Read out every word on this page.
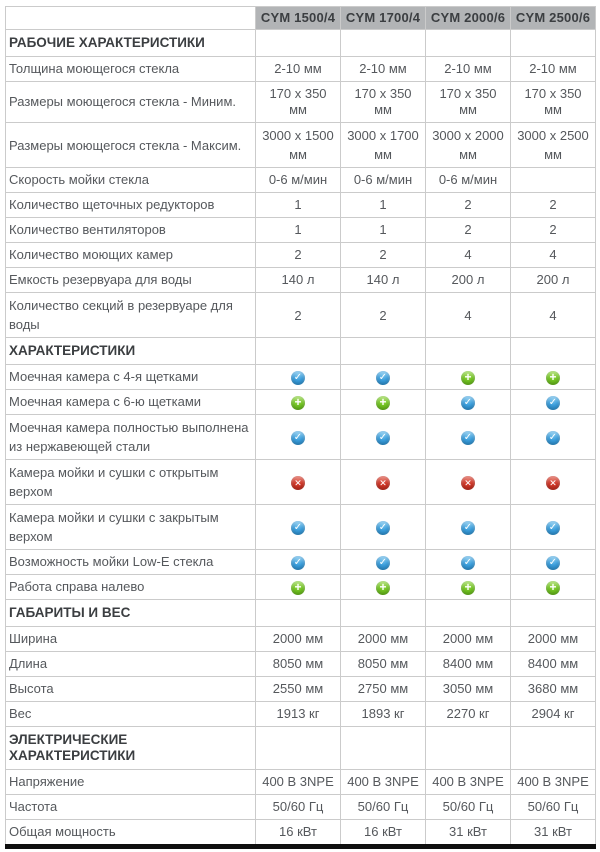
	CYM 1500/4	CYM 1700/4	CYM 2000/6	CYM 2500/6
РАБОЧИЕ ХАРАКТЕРИСТИКИ				
Толщина моющегося стекла	2-10 мм	2-10 мм	2-10 мм	2-10 мм
Размеры моющегося стекла - Миним.	170 x 350 мм	170 x 350 мм	170 x 350 мм	170 x 350 мм
Размеры моющегося стекла - Максим.	3000 x 1500 мм	3000 x 1700 мм	3000 x 2000 мм	3000 x 2500 мм
Скорость мойки стекла	0-6 м/мин	0-6 м/мин	0-6 м/мин	
Количество щеточных редукторов	1	1	2	2
Количество вентиляторов	1	1	2	2
Количество моющих камер	2	2	4	4
Емкость резервуара для воды	140 л	140 л	200 л	200 л
Количество секций в резервуаре для воды	2	2	4	4
ХАРАКТЕРИСТИКИ				
Моечная камера с 4-я щетками	✓	✓	+	+
Моечная камера с 6-ю щетками	+	+	✓	✓
Моечная камера полностью выполнена из нержавеющей стали	✓	✓	✓	✓
Камера мойки и сушки с открытым верхом	✕	✕	✕	✕
Камера мойки и сушки с закрытым верхом	✓	✓	✓	✓
Возможность мойки Low-E стекла	✓	✓	✓	✓
Работа справа налево	+	+	+	+
ГАБАРИТЫ И ВЕС				
Ширина	2000 мм	2000 мм	2000 мм	2000 мм
Длина	8050 мм	8050 мм	8400 мм	8400 мм
Высота	2550 мм	2750 мм	3050 мм	3680 мм
Вес	1913 кг	1893 кг	2270 кг	2904 кг
ЭЛЕКТРИЧЕСКИЕ ХАРАКТЕРИСТИКИ				
Напряжение	400 В 3NPE	400 В 3NPE	400 В 3NPE	400 В 3NPE
Частота	50/60 Гц	50/60 Гц	50/60 Гц	50/60 Гц
Общая мощность	16 кВт	16 кВт	31 кВт	31 кВт
